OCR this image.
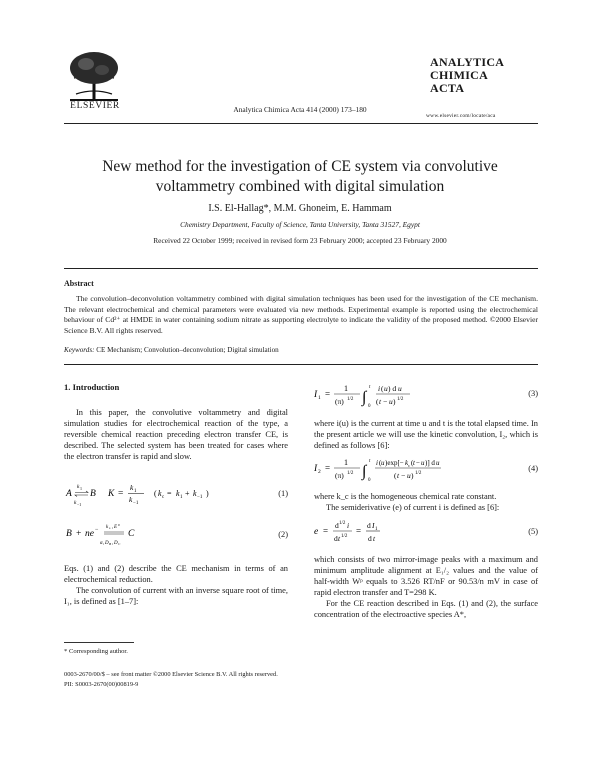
ELSEVIER	Analytica Chimica Acta 414 (2000) 173–180
ANALYTICA
CHIMICA
ACTA
www.elsevier.com/locate/aca
New method for the investigation of CE system via convolutive voltammetry combined with digital simulation
I.S. El-Hallag*, M.M. Ghoneim, E. Hammam
Chemistry Department, Faculty of Science, Tanta University, Tanta 31527, Egypt
Received 22 October 1999; received in revised form 23 February 2000; accepted 23 February 2000
Abstract
The convolution–deconvolution voltammetry combined with digital simulation techniques has been used for the investigation of the CE mechanism. The relevant electrochemical and chemical parameters were evaluated via new methods. Experimental example is reported using the electrochemical behaviour of Cd²⁺ at HMDE in water containing sodium nitrate as supporting electrolyte to indicate the validity of the proposed method. ©2000 Elsevier Science B.V. All rights reserved.
Keywords: CE Mechanism; Convolution–deconvolution; Digital simulation
1. Introduction

In this paper, the convolutive voltammetry and digital simulation studies for electrochemical reaction of the type, a reversible chemical reaction preceding electron transfer CE, is described. The selected system has been treated for cases where the electron transfer is rapid and slow.

A
k 1
k −1
B K =
k 1
k −1
( k c = k 1 + k −1 )	(1)
B + ne − k s , E 0
α , D B , D C
C	(2)

Eqs. (1) and (2) describe the CE mechanism in terms of an electrochemical reduction.

The convolution of current with an inverse square root of time, I₁, is defined as [1–7]:

I 1 =
1
(π) 1/2 ∫
t
0
i ( u ) d u
( t − u ) 1/2
(3)

where i(u) is the current at time u and t is the total elapsed time. In the present article we will use the kinetic convolution, I₂, which is defined as follows [6]:

I 2 =
1
(π) 1/2 ∫
t
0
i ( u )exp[− k c ( t − u )] d u
( t − u ) 1/2
(4)

where k_c is the homogeneous chemical rate constant.

The semiderivative (e) of current i is defined as [6]:

e =
d 1/2 i
d t 1/2
=
d I 1
d t
(5)

which consists of two mirror-image peaks with a maximum and minimum amplitude alignment at E₁/₂ values and the value of half-width Wᵖ equals to 3.526 RT/nF or 90.53/n mV in case of rapid electron transfer and T=298 K.

For the CE reaction described in Eqs. (1) and (2), the surface concentration of the electroactive species A*,

* Corresponding author.
0003-2670/00/$ – see front matter ©2000 Elsevier Science B.V. All rights reserved.
PII: S0003-2670(00)00819-9
